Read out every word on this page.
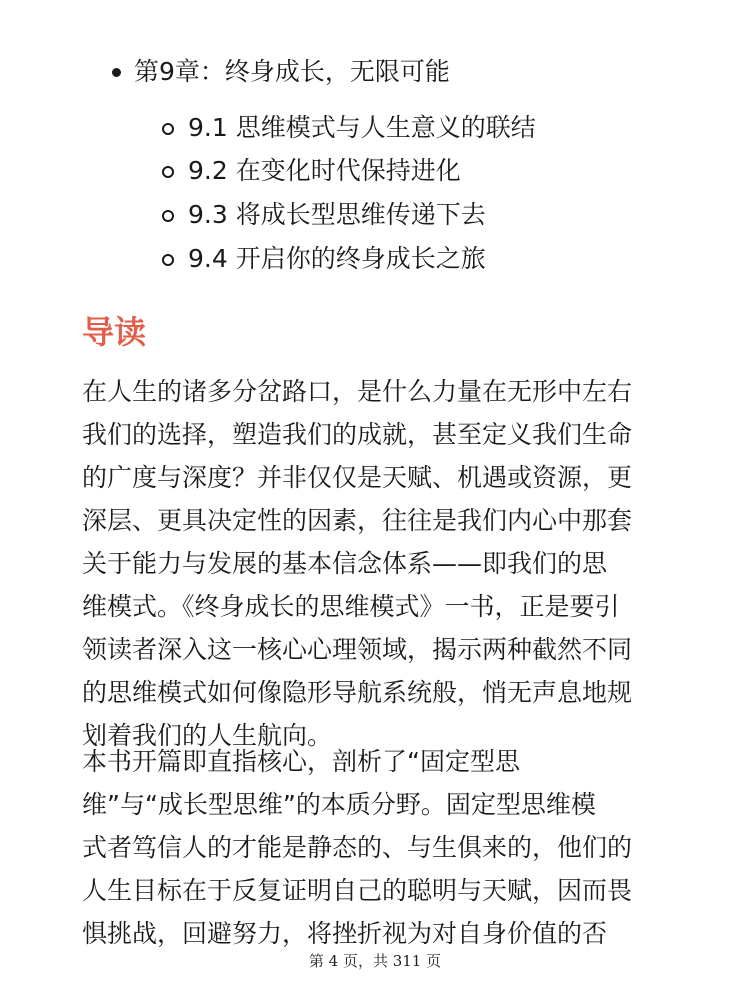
第9章：终身成长，无限可能
9.1 思维模式与人生意义的联结
9.2 在变化时代保持进化
9.3 将成长型思维传递下去
9.4 开启你的终身成长之旅
导读
在人生的诸多分岔路口，是什么力量在无形中左右
我们的选择，塑造我们的成就，甚至定义我们生命
的广度与深度？并非仅仅是天赋、机遇或资源，更
深层、更具决定性的因素，往往是我们内心中那套
关于能力与发展的基本信念体系——即我们的思
维模式。《终身成长的思维模式》一书，正是要引
领读者深入这一核心心理领域，揭示两种截然不同
的思维模式如何像隐形导航系统般，悄无声息地规
划着我们的人生航向。
本书开篇即直指核心，剖析了“固定型思
维”与“成长型思维”的本质分野。固定型思维模
式者笃信人的才能是静态的、与生俱来的，他们的
人生目标在于反复证明自己的聪明与天赋，因而畏
惧挑战，回避努力，将挫折视为对自身价值的否
第 4 页，共 311 页
